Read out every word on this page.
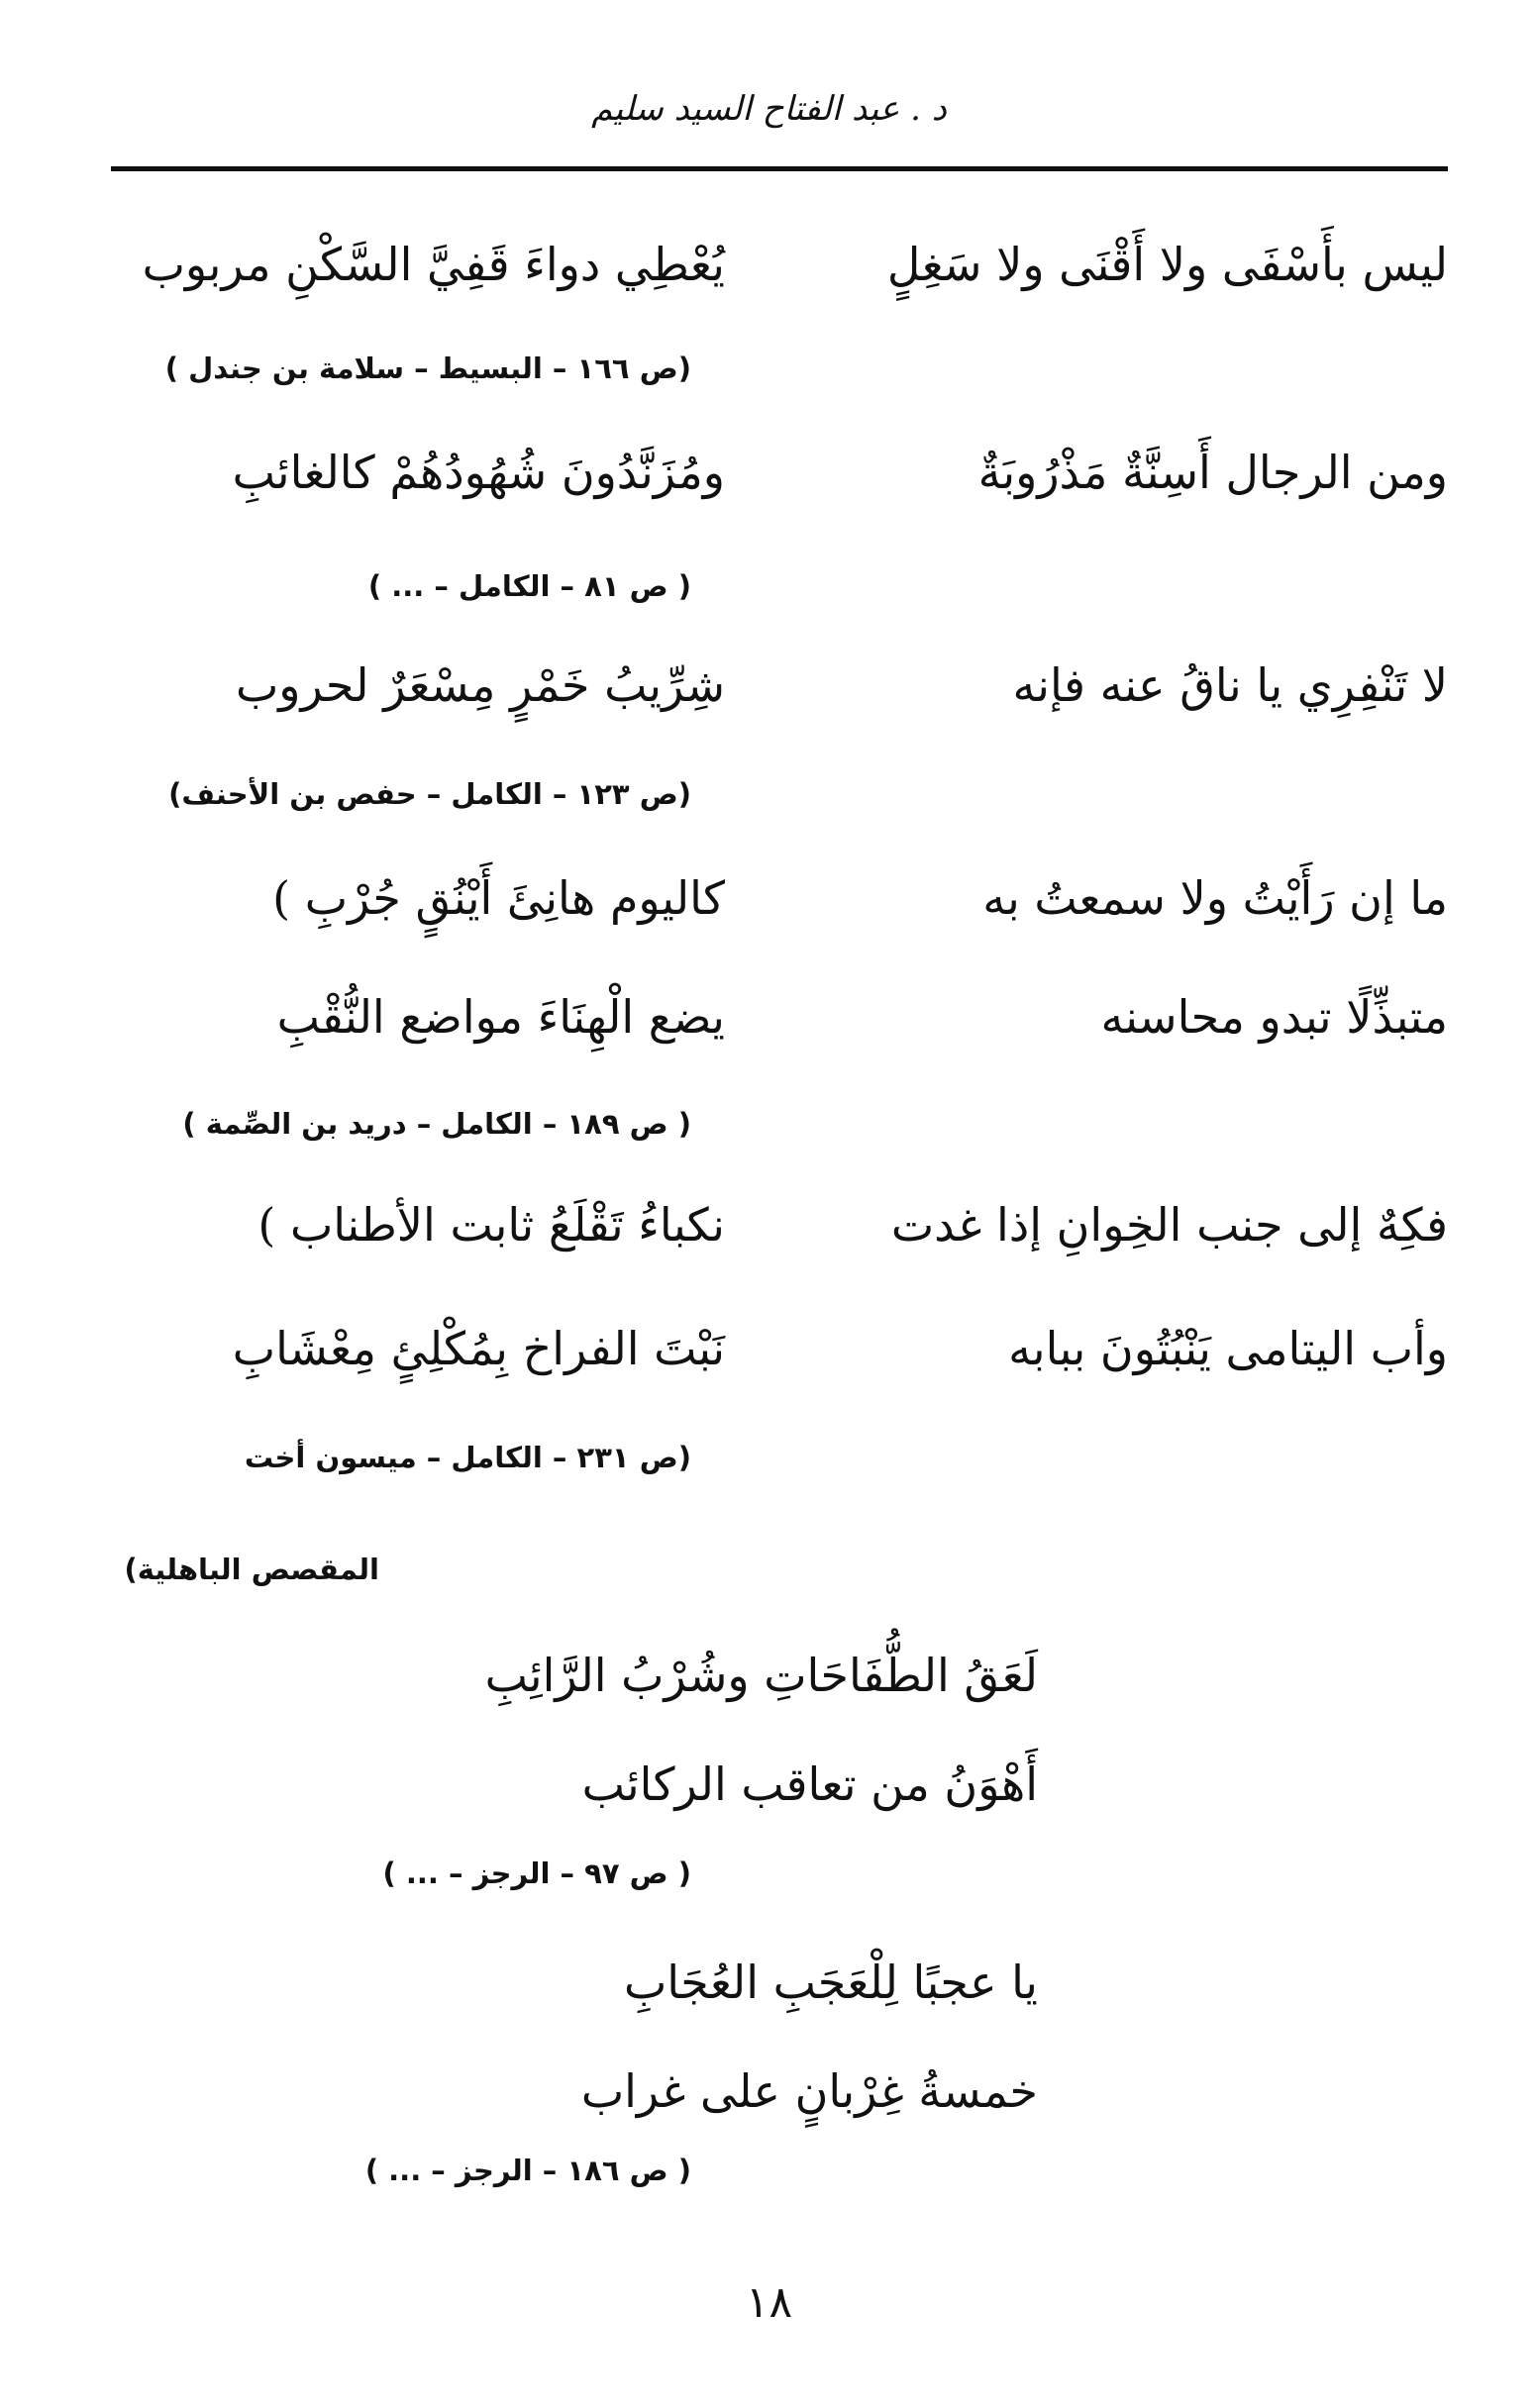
د . عبد الفتاح السيد سليم
ليس بأَسْفَى ولا أَقْنَى ولا سَغِلٍ
يُعْطِي دواءَ قَفِيَّ السَّكْنِ مربوب
(ص ١٦٦ – البسيط – سلامة بن جندل )
ومن الرجال أَسِنَّةٌ مَذْرُوبَةٌ
ومُزَنَّدُونَ شُهُودُهُمْ كالغائبِ
( ص ٨١ – الكامل – ... )
لا تَنْفِرِي يا ناقُ عنه فإنه
شِرِّيبُ خَمْرٍ مِسْعَرٌ لحروب
(ص ١٢٣ – الكامل – حفص بن الأحنف)
ما إن رَأَيْتُ ولا سمعتُ به
كاليوم هانِئَ أَيْنُقٍ جُرْبِ )
متبذِّلًا تبدو محاسنه
يضع الْهِنَاءَ مواضع النُّقْبِ
( ص ١٨٩ – الكامل – دريد بن الصِّمة )
فكِهٌ إلى جنب الخِوانِ إذا غدت
نكباءُ تَقْلَعُ ثابت الأطناب )
وأب اليتامى يَنْبُتُونَ ببابه
نَبْتَ الفراخ بِمُكْلِئٍ مِعْشَابِ
(ص ٢٣١ – الكامل – ميسون أخت
المقصص الباهلية)
لَعَقُ الطُّفَاحَاتِ وشُرْبُ الرَّائِبِ
أَهْوَنُ من تعاقب الركائب
( ص ٩٧ – الرجز – ... )
يا عجبًا لِلْعَجَبِ العُجَابِ
خمسةُ غِرْبانٍ على غراب
( ص ١٨٦ – الرجز – ... )
١٨
